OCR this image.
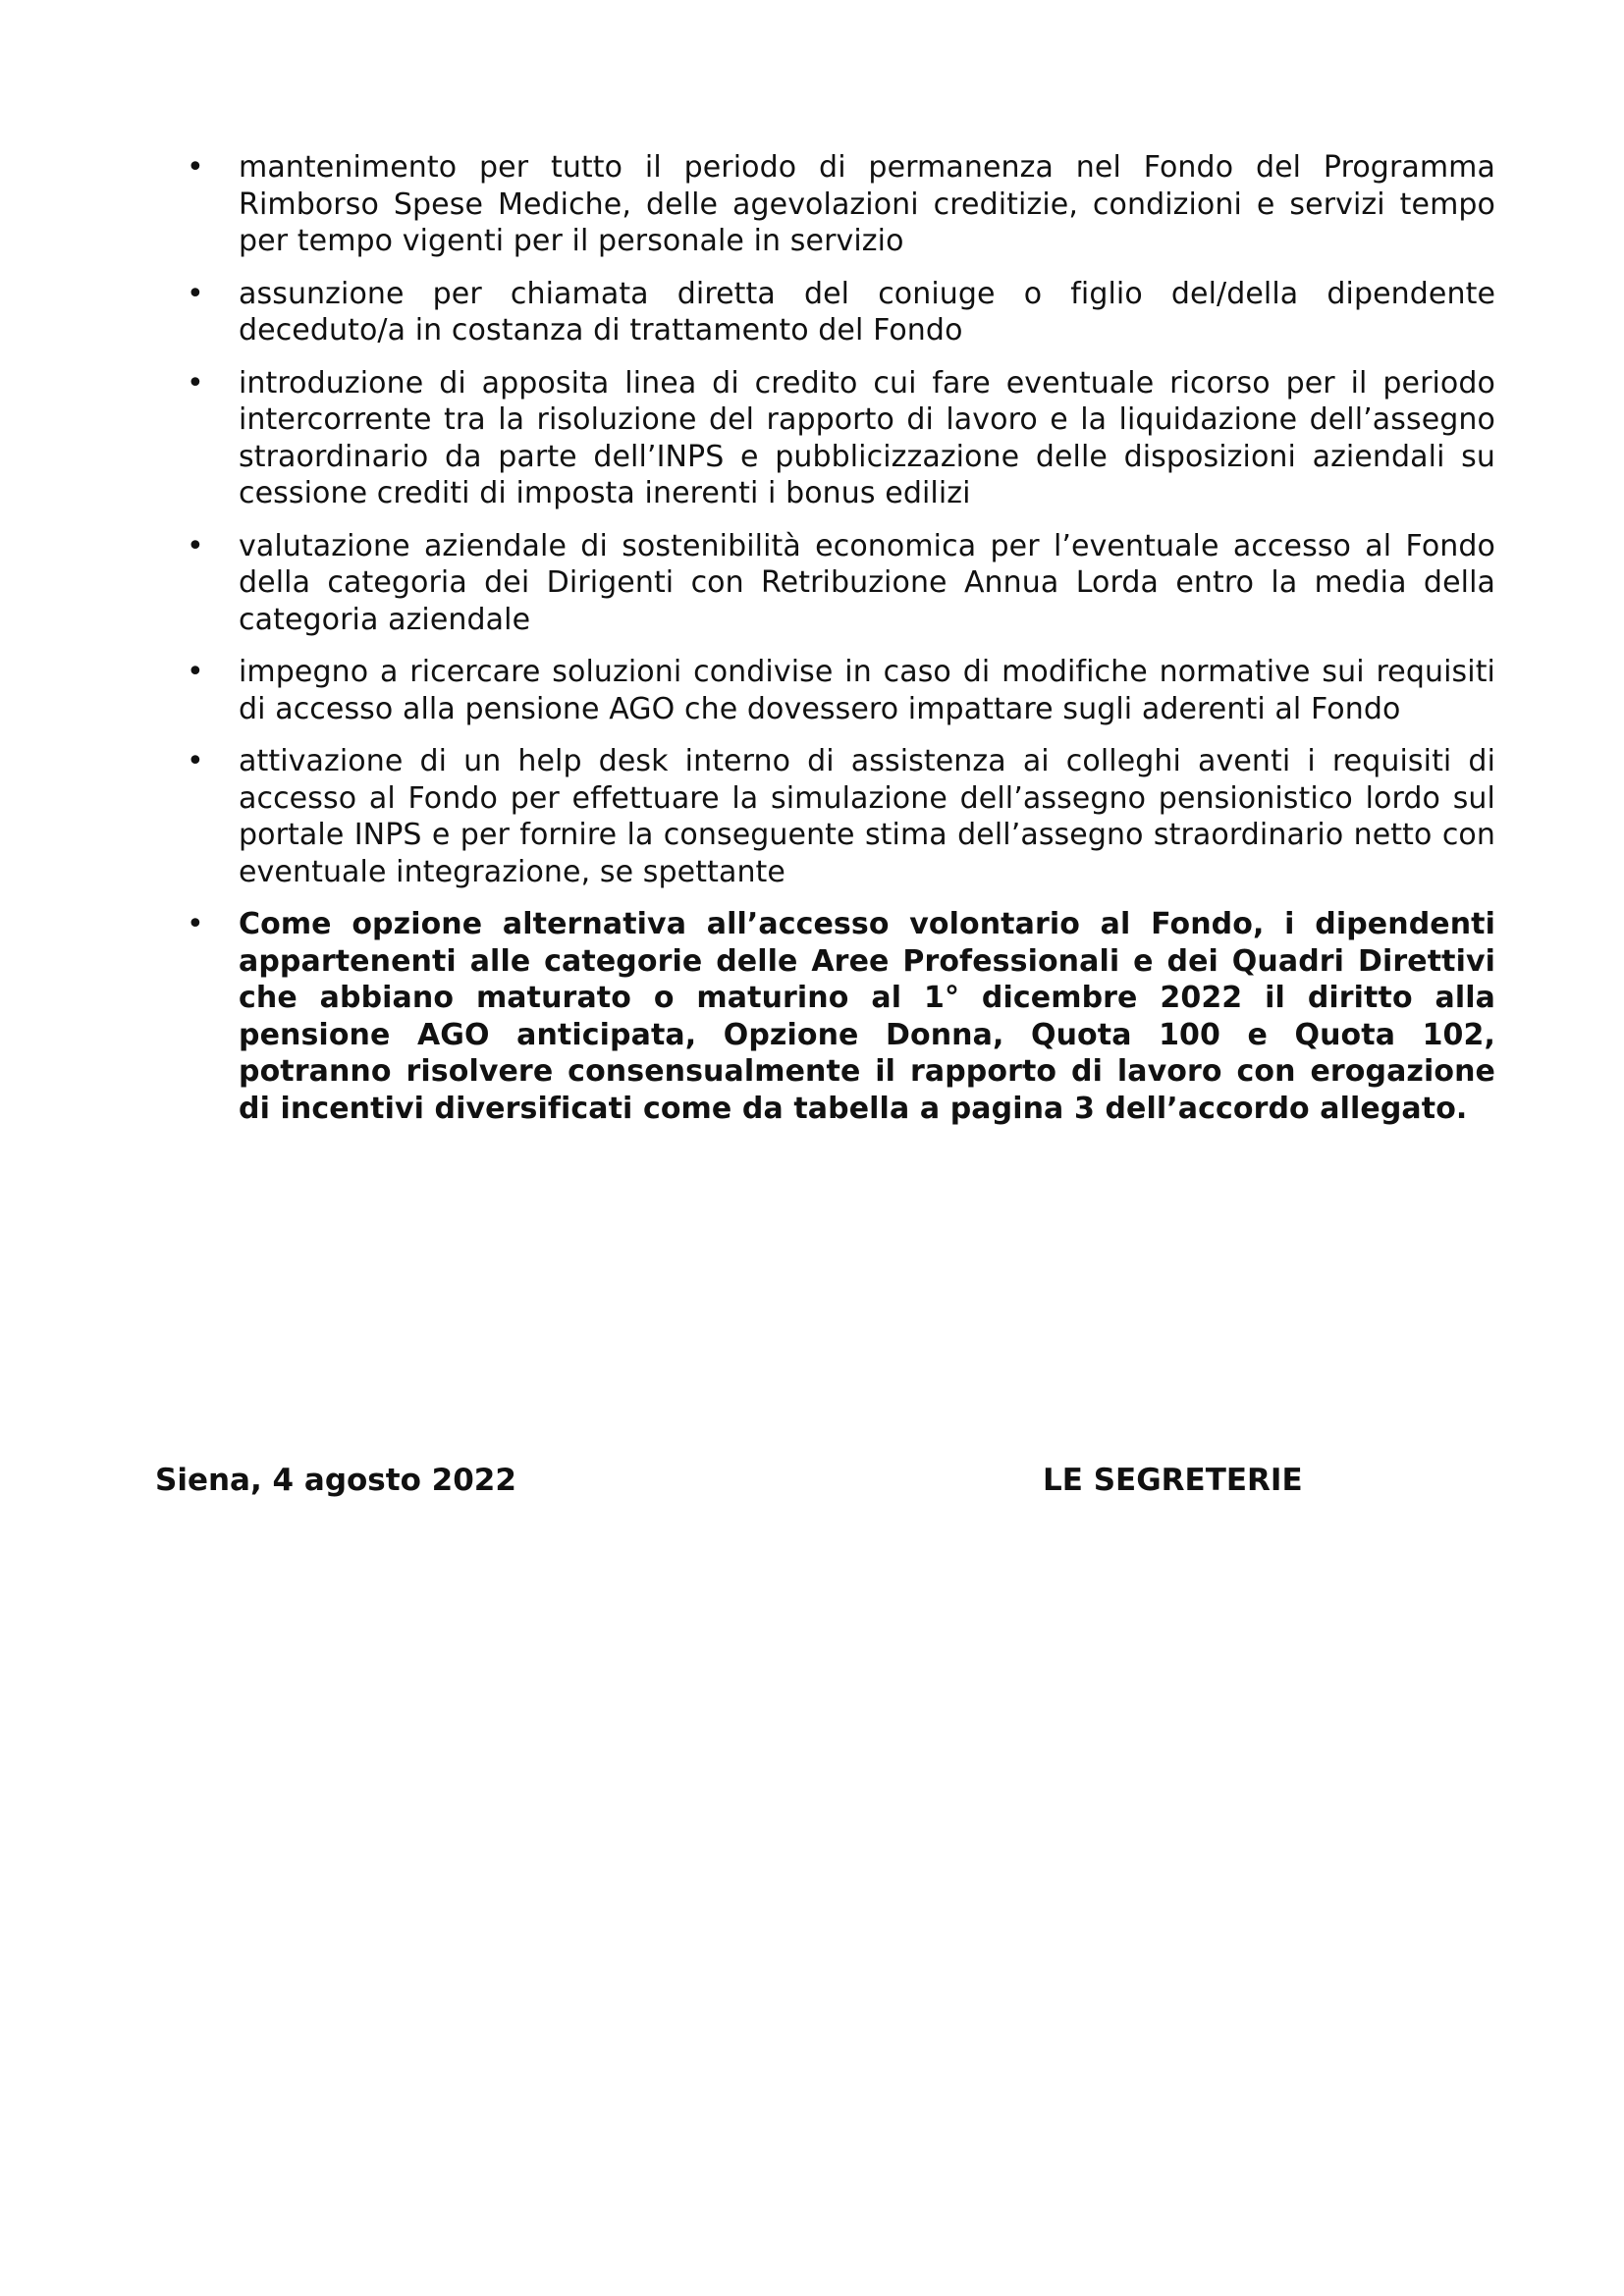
• mantenimento per tutto il periodo di permanenza nel Fondo del Programma Rimborso Spese Mediche, delle agevolazioni creditizie, condizioni e servizi tempo per tempo vigenti per il personale in servizio
• assunzione per chiamata diretta del coniuge o figlio del/della dipendente deceduto/a in costanza di trattamento del Fondo
• introduzione di apposita linea di credito cui fare eventuale ricorso per il periodo intercorrente tra la risoluzione del rapporto di lavoro e la liquidazione dell’assegno straordinario da parte dell’INPS e pubblicizzazione delle disposizioni aziendali su cessione crediti di imposta inerenti i bonus edilizi
• valutazione aziendale di sostenibilità economica per l’eventuale accesso al Fondo della categoria dei Dirigenti con Retribuzione Annua Lorda entro la media della categoria aziendale
• impegno a ricercare soluzioni condivise in caso di modifiche normative sui requisiti di accesso alla pensione AGO che dovessero impattare sugli aderenti al Fondo
• attivazione di un help desk interno di assistenza ai colleghi aventi i requisiti di accesso al Fondo per effettuare la simulazione dell’assegno pensionistico lordo sul portale INPS e per fornire la conseguente stima dell’assegno straordinario netto con eventuale integrazione, se spettante
• Come opzione alternativa all’accesso volontario al Fondo, i dipendenti appartenenti alle categorie delle Aree Professionali e dei Quadri Direttivi che abbiano maturato o maturino al 1° dicembre 2022 il diritto alla pensione AGO anticipata, Opzione Donna, Quota 100 e Quota 102, potranno risolvere consensualmente il rapporto di lavoro con erogazione di incentivi diversificati come da tabella a pagina 3 dell’accordo allegato.
Siena, 4 agosto 2022	LE SEGRETERIE
